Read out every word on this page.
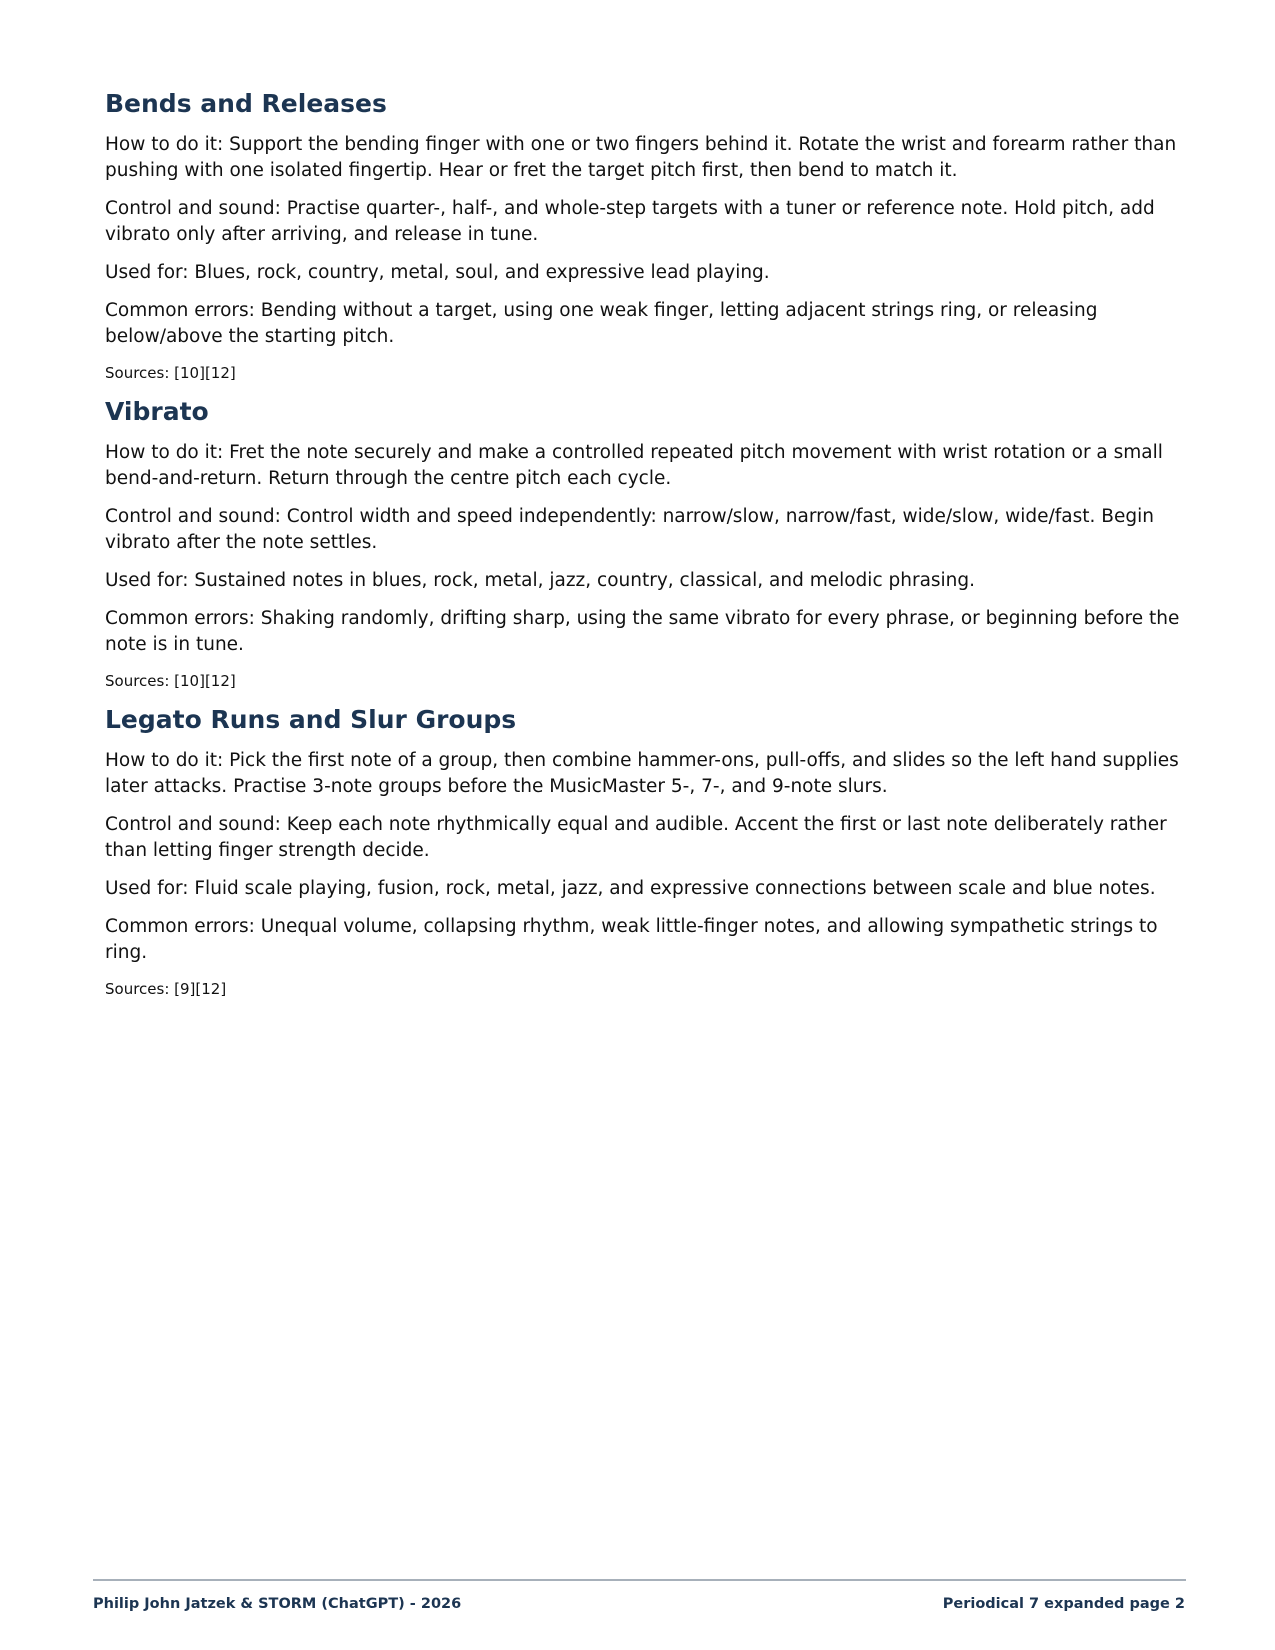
Bends and Releases

How to do it: Support the bending finger with one or two fingers behind it. Rotate the wrist and forearm rather than pushing with one isolated fingertip. Hear or fret the target pitch first, then bend to match it.

Control and sound: Practise quarter-, half-, and whole-step targets with a tuner or reference note. Hold pitch, add vibrato only after arriving, and release in tune.

Used for: Blues, rock, country, metal, soul, and expressive lead playing.

Common errors: Bending without a target, using one weak finger, letting adjacent strings ring, or releasing below/above the starting pitch.

Sources: [10][12]

Vibrato

How to do it: Fret the note securely and make a controlled repeated pitch movement with wrist rotation or a small bend-and-return. Return through the centre pitch each cycle.

Control and sound: Control width and speed independently: narrow/slow, narrow/fast, wide/slow, wide/fast. Begin vibrato after the note settles.

Used for: Sustained notes in blues, rock, metal, jazz, country, classical, and melodic phrasing.

Common errors: Shaking randomly, drifting sharp, using the same vibrato for every phrase, or beginning before the note is in tune.

Sources: [10][12]

Legato Runs and Slur Groups

How to do it: Pick the first note of a group, then combine hammer-ons, pull-offs, and slides so the left hand supplies later attacks. Practise 3-note groups before the MusicMaster 5-, 7-, and 9-note slurs.

Control and sound: Keep each note rhythmically equal and audible. Accent the first or last note deliberately rather than letting finger strength decide.

Used for: Fluid scale playing, fusion, rock, metal, jazz, and expressive connections between scale and blue notes.

Common errors: Unequal volume, collapsing rhythm, weak little-finger notes, and allowing sympathetic strings to ring.

Sources: [9][12]

Philip John Jatzek & STORM (ChatGPT) - 2026	Periodical 7 expanded page 2
